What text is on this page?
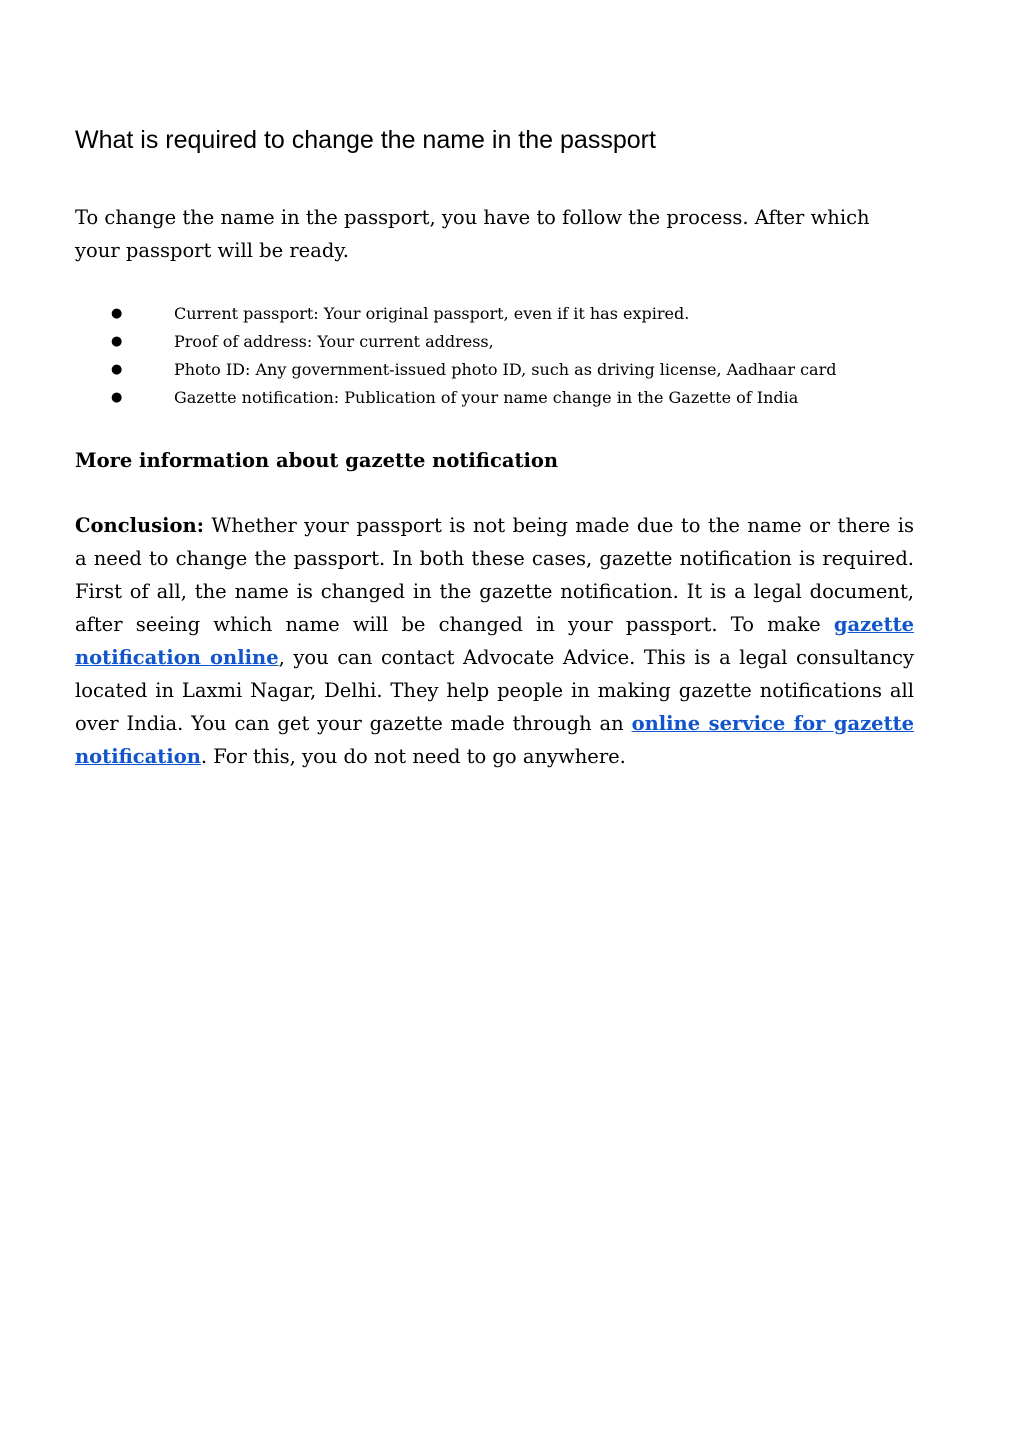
What is required to change the name in the passport

To change the name in the passport, you have to follow the process. After which your passport will be ready.

●	Current passport: Your original passport, even if it has expired.
●	Proof of address: Your current address,
●	Photo ID: Any government-issued photo ID, such as driving license, Aadhaar card
●	Gazette notification: Publication of your name change in the Gazette of India
More information about gazette notification

Conclusion: Whether your passport is not being made due to the name or there is a need to change the passport. In both these cases, gazette notification is required. First of all, the name is changed in the gazette notification. It is a legal document, after seeing which name will be changed in your passport. To make gazette notification online, you can contact Advocate Advice. This is a legal consultancy located in Laxmi Nagar, Delhi. They help people in making gazette notifications all over India. You can get your gazette made through an online service for gazette notification. For this, you do not need to go anywhere.
